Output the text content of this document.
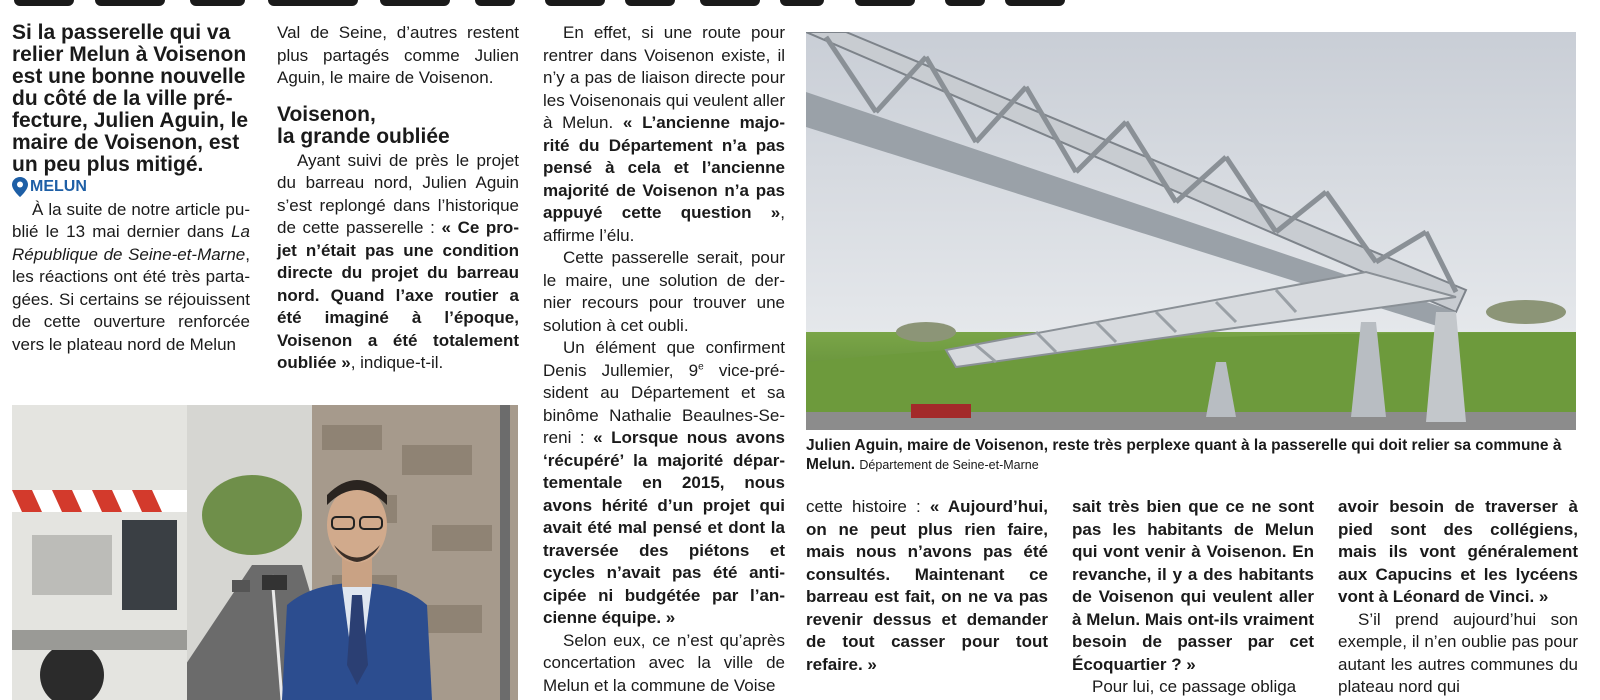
Si la passerelle qui va relier Melun à Voisenon est une bonne nouvelle du côté de la ville préfecture, Julien Aguin, le maire de Voisenon, est un peu plus mitigé.

MELUN

À la suite de notre article publié le 13 mai dernier dans La République de Seine-et-Marne, les réactions ont été très partagées. Si certains se réjouissent de cette ouverture renforcée vers le plateau nord de Melun

Val de Seine, d’autres restent plus partagés comme Julien Aguin, le maire de Voisenon.

Voisenon,
la grande oubliée

Ayant suivi de près le projet du barreau nord, Julien Aguin s’est replongé dans l’historique de cette passerelle : « Ce projet n’était pas une condition directe du projet du barreau nord. Quand l’axe routier a été imaginé à l’époque, Voisenon a été totalement oubliée », indique-t-il.

En effet, si une route pour rentrer dans Voisenon existe, il n’y a pas de liaison directe pour les Voisenonais qui veulent aller à Melun. « L’ancienne majorité du Département n’a pas pensé à cela et l’ancienne majorité de Voisenon n’a pas appuyé cette question », affirme l’élu.

Cette passerelle serait, pour le maire, une solution de dernier recours pour trouver une solution à cet oubli.

Un élément que confirment Denis Jullemier, 9e vice-président au Département et sa binôme Nathalie Beaulnes-Sereni : « Lorsque nous avons ‘récupéré’ la majorité départementale en 2015, nous avons hérité d’un projet qui avait été mal pensé et dont la traversée des piétons et cycles n’avait pas été anticipée ni budgétée par l’ancienne équipe. »

Selon eux, ce n’est qu’après concertation avec la ville de Melun et la commune de Voise

Julien Aguin, maire de Voisenon, reste très perplexe quant à la passerelle qui doit relier sa commune à Melun. Département de Seine-et-Marne

cette histoire : « Aujourd’hui, on ne peut plus rien faire, mais nous n’avons pas été consultés. Maintenant ce barreau est fait, on ne va pas revenir dessus et demander de tout casser pour tout refaire. »

sait très bien que ce ne sont pas les habitants de Melun qui vont venir à Voisenon. En revanche, il y a des habitants de Voisenon qui veulent aller à Melun. Mais ont-ils vraiment besoin de passer par cet Écoquartier ? »

Pour lui, ce passage obliga

avoir besoin de traverser à pied sont des collégiens, mais ils vont généralement aux Capucins et les lycéens vont à Léonard de Vinci. »

S’il prend aujourd’hui son exemple, il n’en oublie pas pour autant les autres communes du plateau nord qui
